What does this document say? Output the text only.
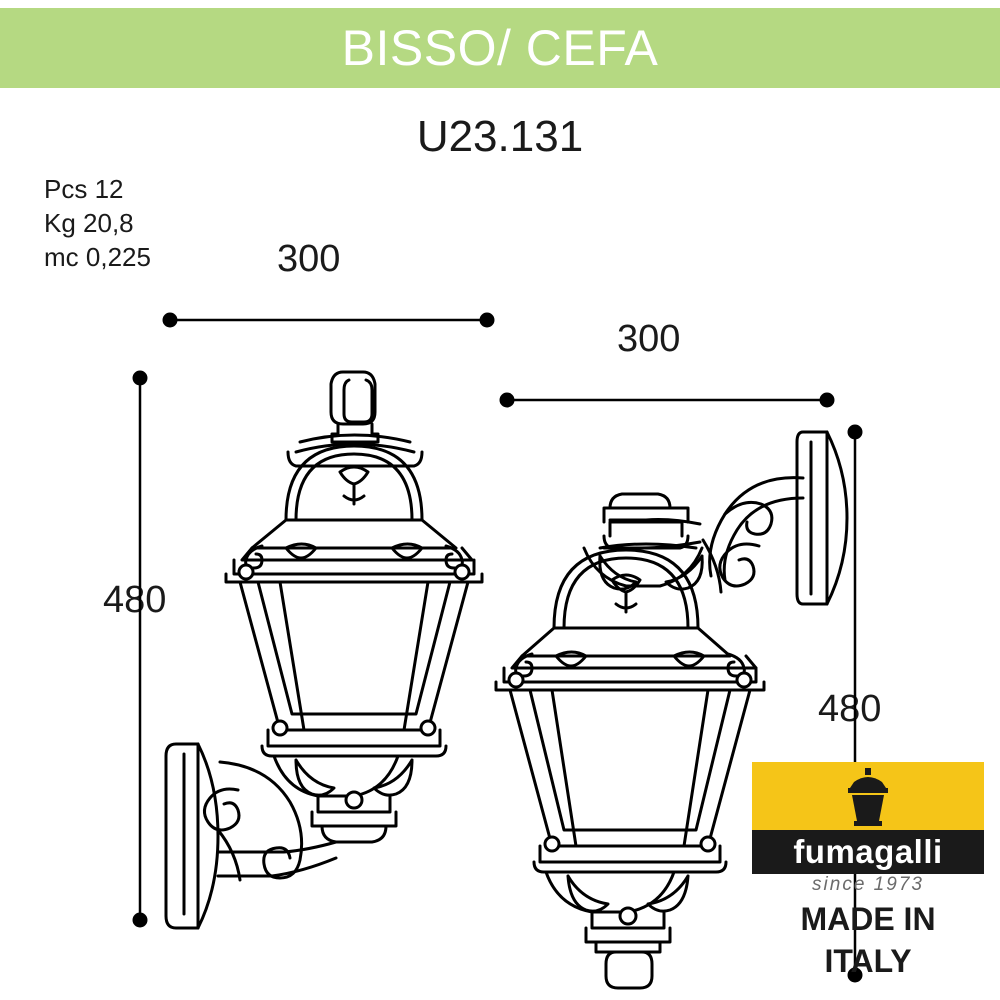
BISSO/ CEFA
U23.131
Pcs 12
Kg 20,8
mc 0,225	300
480
300
480
fumagalli
since 1973
MADE IN
ITALY
